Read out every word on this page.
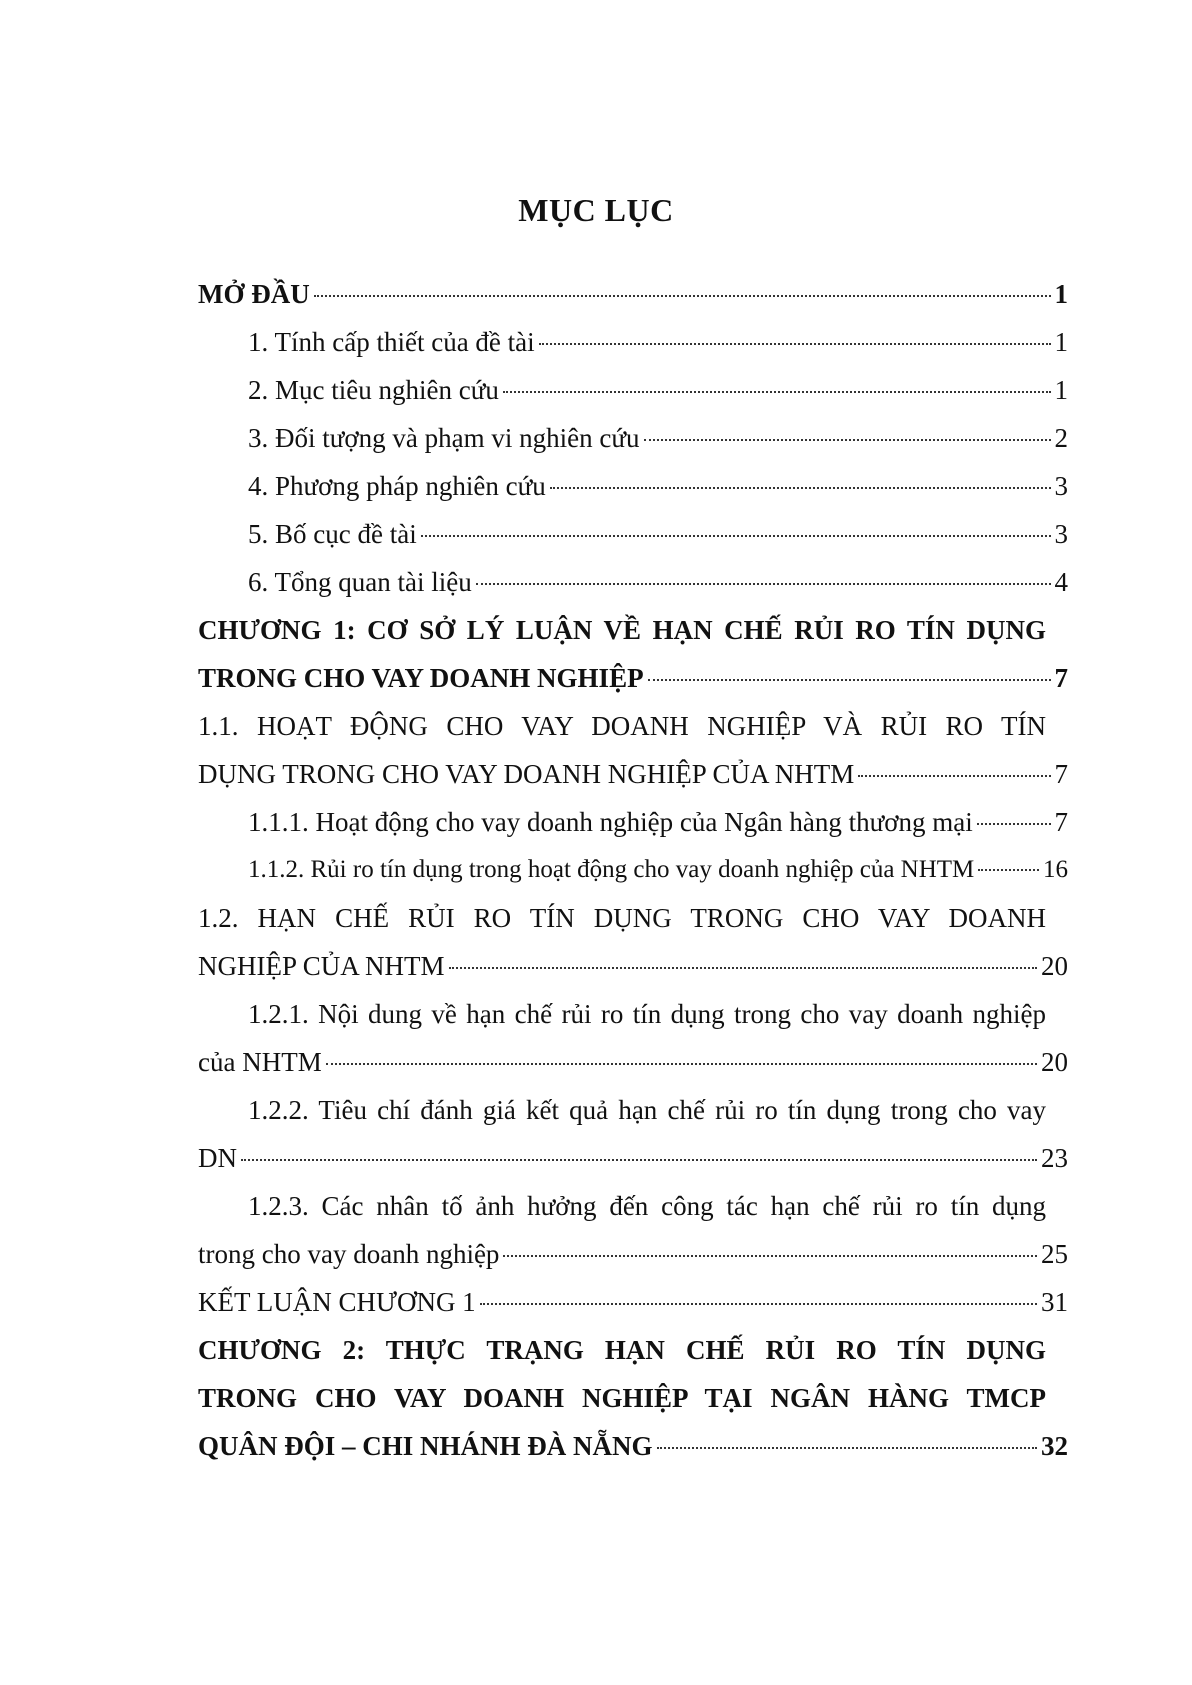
MỤC LỤC
MỞ ĐẦU	1
1. Tính cấp thiết của đề tài	1
2. Mục tiêu nghiên cứu	1
3. Đối tượng và phạm vi nghiên cứu	2
4. Phương pháp nghiên cứu	3
5. Bố cục đề tài	3
6. Tổng quan tài liệu	4
CHƯƠNG 1: CƠ SỞ LÝ LUẬN VỀ HẠN CHẾ RỦI RO TÍN DỤNG
TRONG CHO VAY DOANH NGHIỆP	7
1.1. HOẠT ĐỘNG CHO VAY DOANH NGHIỆP VÀ RỦI RO TÍN
DỤNG TRONG CHO VAY DOANH NGHIỆP CỦA NHTM	7
1.1.1. Hoạt động cho vay doanh nghiệp của Ngân hàng thương mại	7
1.1.2. Rủi ro tín dụng trong hoạt động cho vay doanh nghiệp của NHTM	16
1.2. HẠN CHẾ RỦI RO TÍN DỤNG TRONG CHO VAY DOANH
NGHIỆP CỦA NHTM	20
1.2.1. Nội dung về hạn chế rủi ro tín dụng trong cho vay doanh nghiệp
của NHTM	20
1.2.2. Tiêu chí đánh giá kết quả hạn chế rủi ro tín dụng trong cho vay
DN	23
1.2.3. Các nhân tố ảnh hưởng đến công tác hạn chế rủi ro tín dụng
trong cho vay doanh nghiệp	25
KẾT LUẬN CHƯƠNG 1	31
CHƯƠNG 2: THỰC TRẠNG HẠN CHẾ RỦI RO TÍN DỤNG
TRONG CHO VAY DOANH NGHIỆP TẠI NGÂN HÀNG TMCP
QUÂN ĐỘI – CHI NHÁNH ĐÀ NẴNG	32
